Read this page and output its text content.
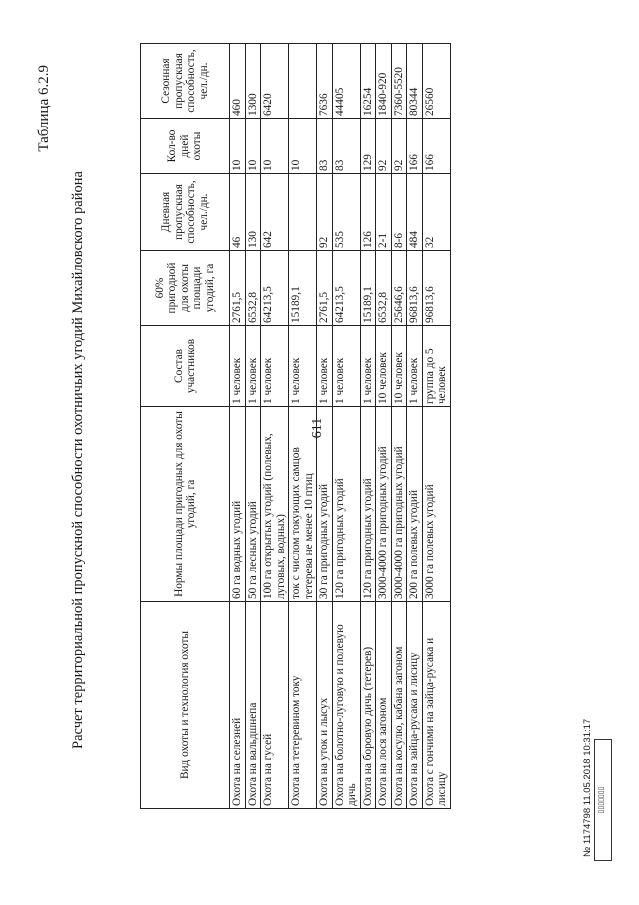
611
Таблица 6.2.9
Расчет территориальной пропускной способности охотничьих угодий Михайловского района	Вид охоты и технология охоты	Нормы площади пригодных для охоты угодий, га	Состав участников	60% пригодной для охоты площади угодий, га	Дневная пропускная способность, чел./дн.	Кол-во дней охоты	Сезонная пропускная способность, чел./дн.
Охота на селезней	60 га водных угодий	1 человек	2761,5	46	10	460
Охота на вальдшнепа	50 га лесных угодий	1 человек	6532,8	130	10	1300
Охота на гусей	100 га открытых угодий (полевых, луговых, водных)	1 человек	64213,5	642	10	6420
Охота на тетеревином току	ток с числом токующих самцов тетерева не менее 10 птиц	1 человек	15189,1		10	
Охота на уток и лысух	30 га пригодных угодий	1 человек	2761,5	92	83	7636
Охота на болотно-луговую и полевую дичь	120 га пригодных угодий	1 человек	64213,5	535	83	44405
Охота на боровую дичь (тетерев)	120 га пригодных угодий	1 человек	15189,1	126	129	16254
Охота на лося загоном	3000-4000 га пригодных угодий	10 человек	6532,8	2-1	92	1840-920
Охота на косулю, кабана загоном	3000-4000 га пригодных угодий	10 человек	25646,6	8-6	92	7360-5520
Охота на зайца-русака и лисицу	200 га полевых угодий	1 человек	96813,6	484	166	80344
Охота с гончими на зайца-русака и лисицу	3000 га полевых угодий	группа до 5 человек	96813,6	32	166	26560
№ 1174798 11.05.2018 10:31:17 ▯▯▯▯▯▯▯
